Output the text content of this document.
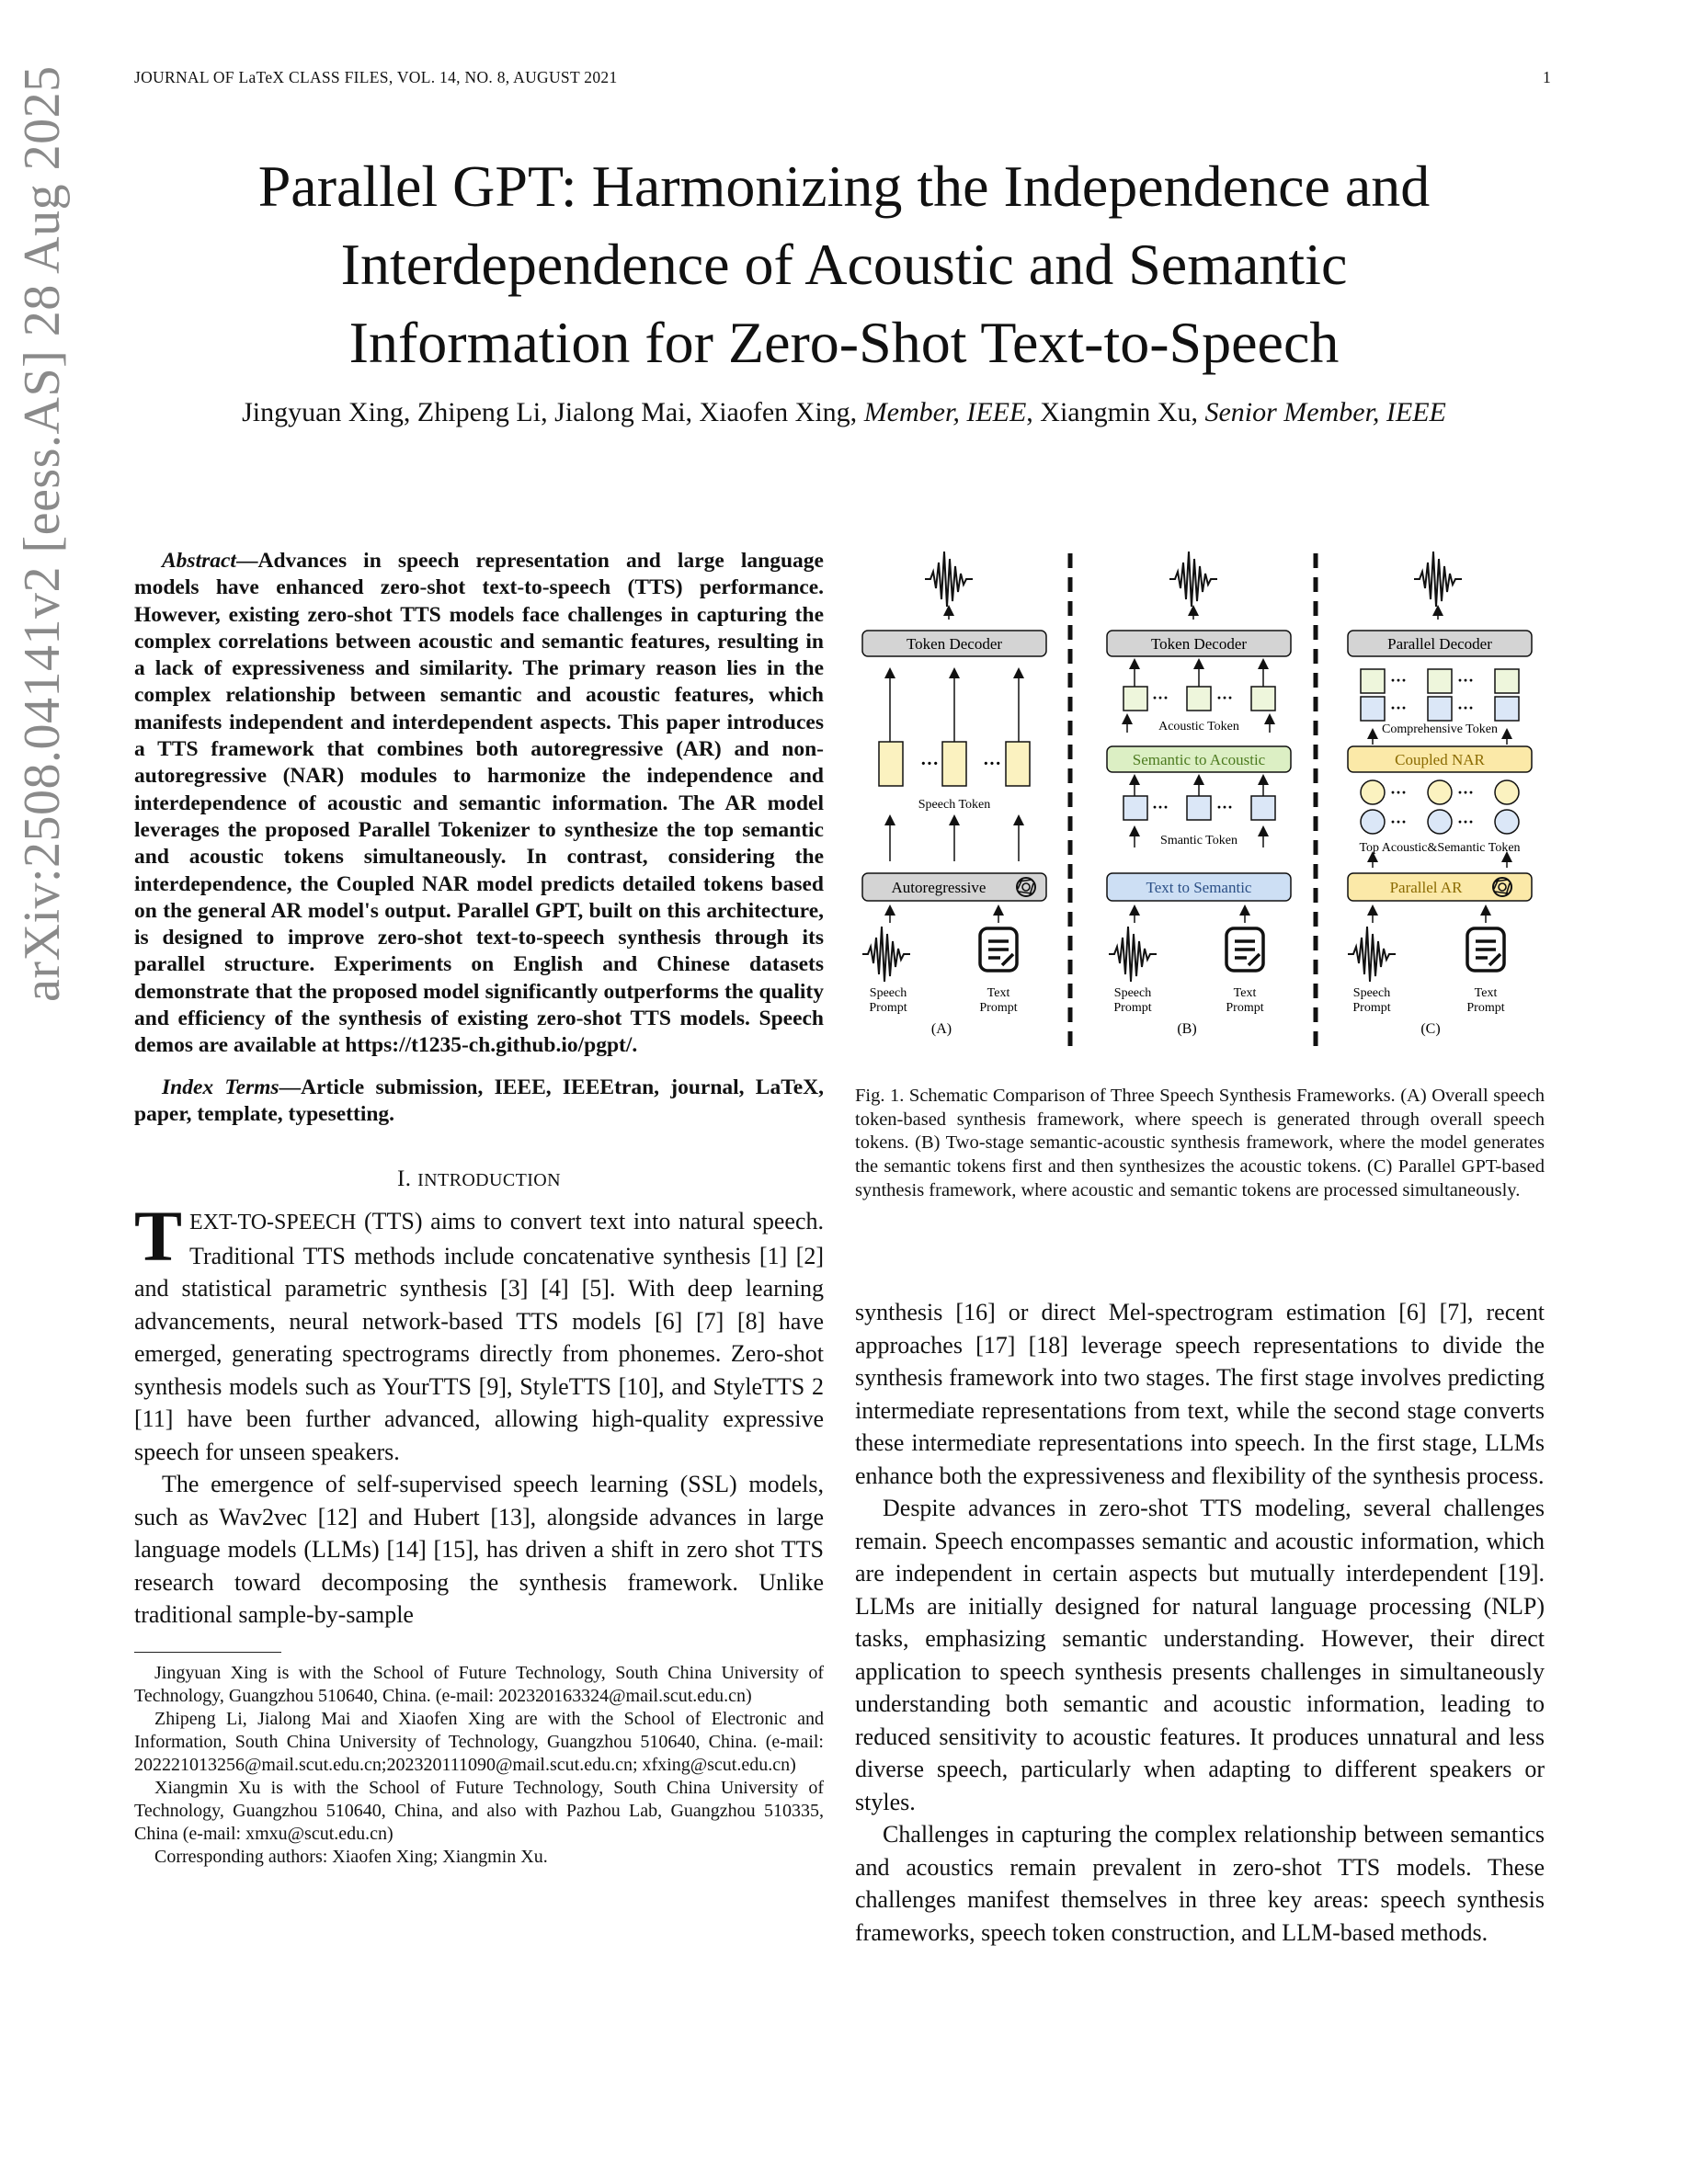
JOURNAL OF LaTeX CLASS FILES, VOL. 14, NO. 8, AUGUST 2021	1
Parallel GPT: Harmonizing the Independence and
Interdependence of Acoustic and Semantic
Information for Zero-Shot Text-to-Speech
Jingyuan Xing, Zhipeng Li, Jialong Mai, Xiaofen Xing, Member, IEEE, Xiangmin Xu, Senior Member, IEEE
arXiv:2508.04141v2 [eess.AS] 28 Aug 2025	Abstract—Advances in speech representation and large language models have enhanced zero-shot text-to-speech (TTS) performance. However, existing zero-shot TTS models face challenges in capturing the complex correlations between acoustic and semantic features, resulting in a lack of expressiveness and similarity. The primary reason lies in the complex relationship between semantic and acoustic features, which manifests independent and interdependent aspects. This paper introduces a TTS framework that combines both autoregressive (AR) and non-autoregressive (NAR) modules to harmonize the independence and interdependence of acoustic and semantic information. The AR model leverages the proposed Parallel Tokenizer to synthesize the top semantic and acoustic tokens simultaneously. In contrast, considering the interdependence, the Coupled NAR model predicts detailed tokens based on the general AR model's output. Parallel GPT, built on this architecture, is designed to improve zero-shot text-to-speech synthesis through its parallel structure. Experiments on English and Chinese datasets demonstrate that the proposed model significantly outperforms the quality and efficiency of the synthesis of existing zero-shot TTS models. Speech demos are available at https://t1235-ch.github.io/pgpt/.

Index Terms—Article submission, IEEE, IEEEtran, journal, LaTeX, paper, template, typesetting.

I. INTRODUCTION

TEXT-TO-SPEECH (TTS) aims to convert text into natural speech. Traditional TTS methods include concatenative synthesis [1] [2] and statistical parametric synthesis [3] [4] [5]. With deep learning advancements, neural network-based TTS models [6] [7] [8] have emerged, generating spectrograms directly from phonemes. Zero-shot synthesis models such as YourTTS [9], StyleTTS [10], and StyleTTS 2 [11] have been further advanced, allowing high-quality expressive speech for unseen speakers.

The emergence of self-supervised speech learning (SSL) models, such as Wav2vec [12] and Hubert [13], alongside advances in large language models (LLMs) [14] [15], has driven a shift in zero shot TTS research toward decomposing the synthesis framework. Unlike traditional sample-by-sample

Jingyuan Xing is with the School of Future Technology, South China University of Technology, Guangzhou 510640, China. (e-mail: 202320163324@mail.scut.edu.cn)

Zhipeng Li, Jialong Mai and Xiaofen Xing are with the School of Electronic and Information, South China University of Technology, Guangzhou 510640, China. (e-mail: 202221013256@mail.scut.edu.cn;202320111090@mail.scut.edu.cn; xfxing@scut.edu.cn)

Xiangmin Xu is with the School of Future Technology, South China University of Technology, Guangzhou 510640, China, and also with Pazhou Lab, Guangzhou 510335, China (e-mail: xmxu@scut.edu.cn)

Corresponding authors: Xiaofen Xing; Xiangmin Xu.

Token Decoder
··· ···
Speech Token
Autoregressive
Speech
Prompt
Text
Prompt
(A)
Token Decoder
···	···
Acoustic Token
Semantic to Acoustic
···	···
Smantic Token
Text to Semantic
Speech
Prompt
Text
Prompt
(B)
Parallel Decoder
···	···
···	···
Comprehensive Token
Coupled NAR
···	···
···	···
Top Acoustic&Semantic Token
Parallel AR
Speech
Prompt
Text
Prompt
(C)

Fig. 1. Schematic Comparison of Three Speech Synthesis Frameworks. (A) Overall speech token-based synthesis framework, where speech is generated through overall speech tokens. (B) Two-stage semantic-acoustic synthesis framework, where the model generates the semantic tokens first and then synthesizes the acoustic tokens. (C) Parallel GPT-based synthesis framework, where acoustic and semantic tokens are processed simultaneously.

synthesis [16] or direct Mel-spectrogram estimation [6] [7], recent approaches [17] [18] leverage speech representations to divide the synthesis framework into two stages. The first stage involves predicting intermediate representations from text, while the second stage converts these intermediate representations into speech. In the first stage, LLMs enhance both the expressiveness and flexibility of the synthesis process.

Despite advances in zero-shot TTS modeling, several challenges remain. Speech encompasses semantic and acoustic information, which are independent in certain aspects but mutually interdependent [19]. LLMs are initially designed for natural language processing (NLP) tasks, emphasizing semantic understanding. However, their direct application to speech synthesis presents challenges in simultaneously understanding both semantic and acoustic information, leading to reduced sensitivity to acoustic features. It produces unnatural and less diverse speech, particularly when adapting to different speakers or styles.

Challenges in capturing the complex relationship between semantics and acoustics remain prevalent in zero-shot TTS models. These challenges manifest themselves in three key areas: speech synthesis frameworks, speech token construction, and LLM-based methods.
